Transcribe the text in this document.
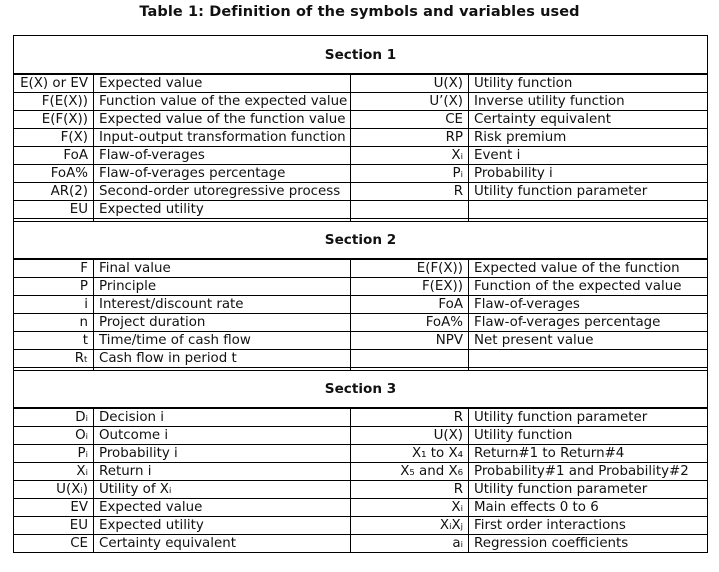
Table 1: Definition of the symbols and variables used
Section 1			
E(X) or EV	Expected value	U(X)	Utility function
F(E(X))	Function value of the expected value	U’(X)	Inverse utility function
E(F(X))	Expected value of the function value	CE	Certainty equivalent
F(X)	Input-output transformation function	RP	Risk premium
FoA	Flaw-of-verages	Xᵢ	Event i
FoA%	Flaw-of-verages percentage	Pᵢ	Probability i
AR(2)	Second-order utoregressive process	R	Utility function parameter
EU	Expected utility		

Section 2			
F	Final value	E(F(X))	Expected value of the function
P	Principle	F(EX))	Function of the expected value
i	Interest/discount rate	FoA	Flaw-of-verages
n	Project duration	FoA%	Flaw-of-verages percentage
t	Time/time of cash flow	NPV	Net present value
Rₜ	Cash flow in period t		

Section 3			
Dᵢ	Decision i	R	Utility function parameter
Oᵢ	Outcome i	U(X)	Utility function
Pᵢ	Probability i	X₁ to X₄	Return#1 to Return#4
Xᵢ	Return i	X₅ and X₆	Probability#1 and Probability#2
U(Xᵢ)	Utility of Xᵢ	R	Utility function parameter
EV	Expected value	Xᵢ	Main effects 0 to 6
EU	Expected utility	XᵢXⱼ	First order interactions
CE	Certainty equivalent	aᵢ	Regression coefficients
